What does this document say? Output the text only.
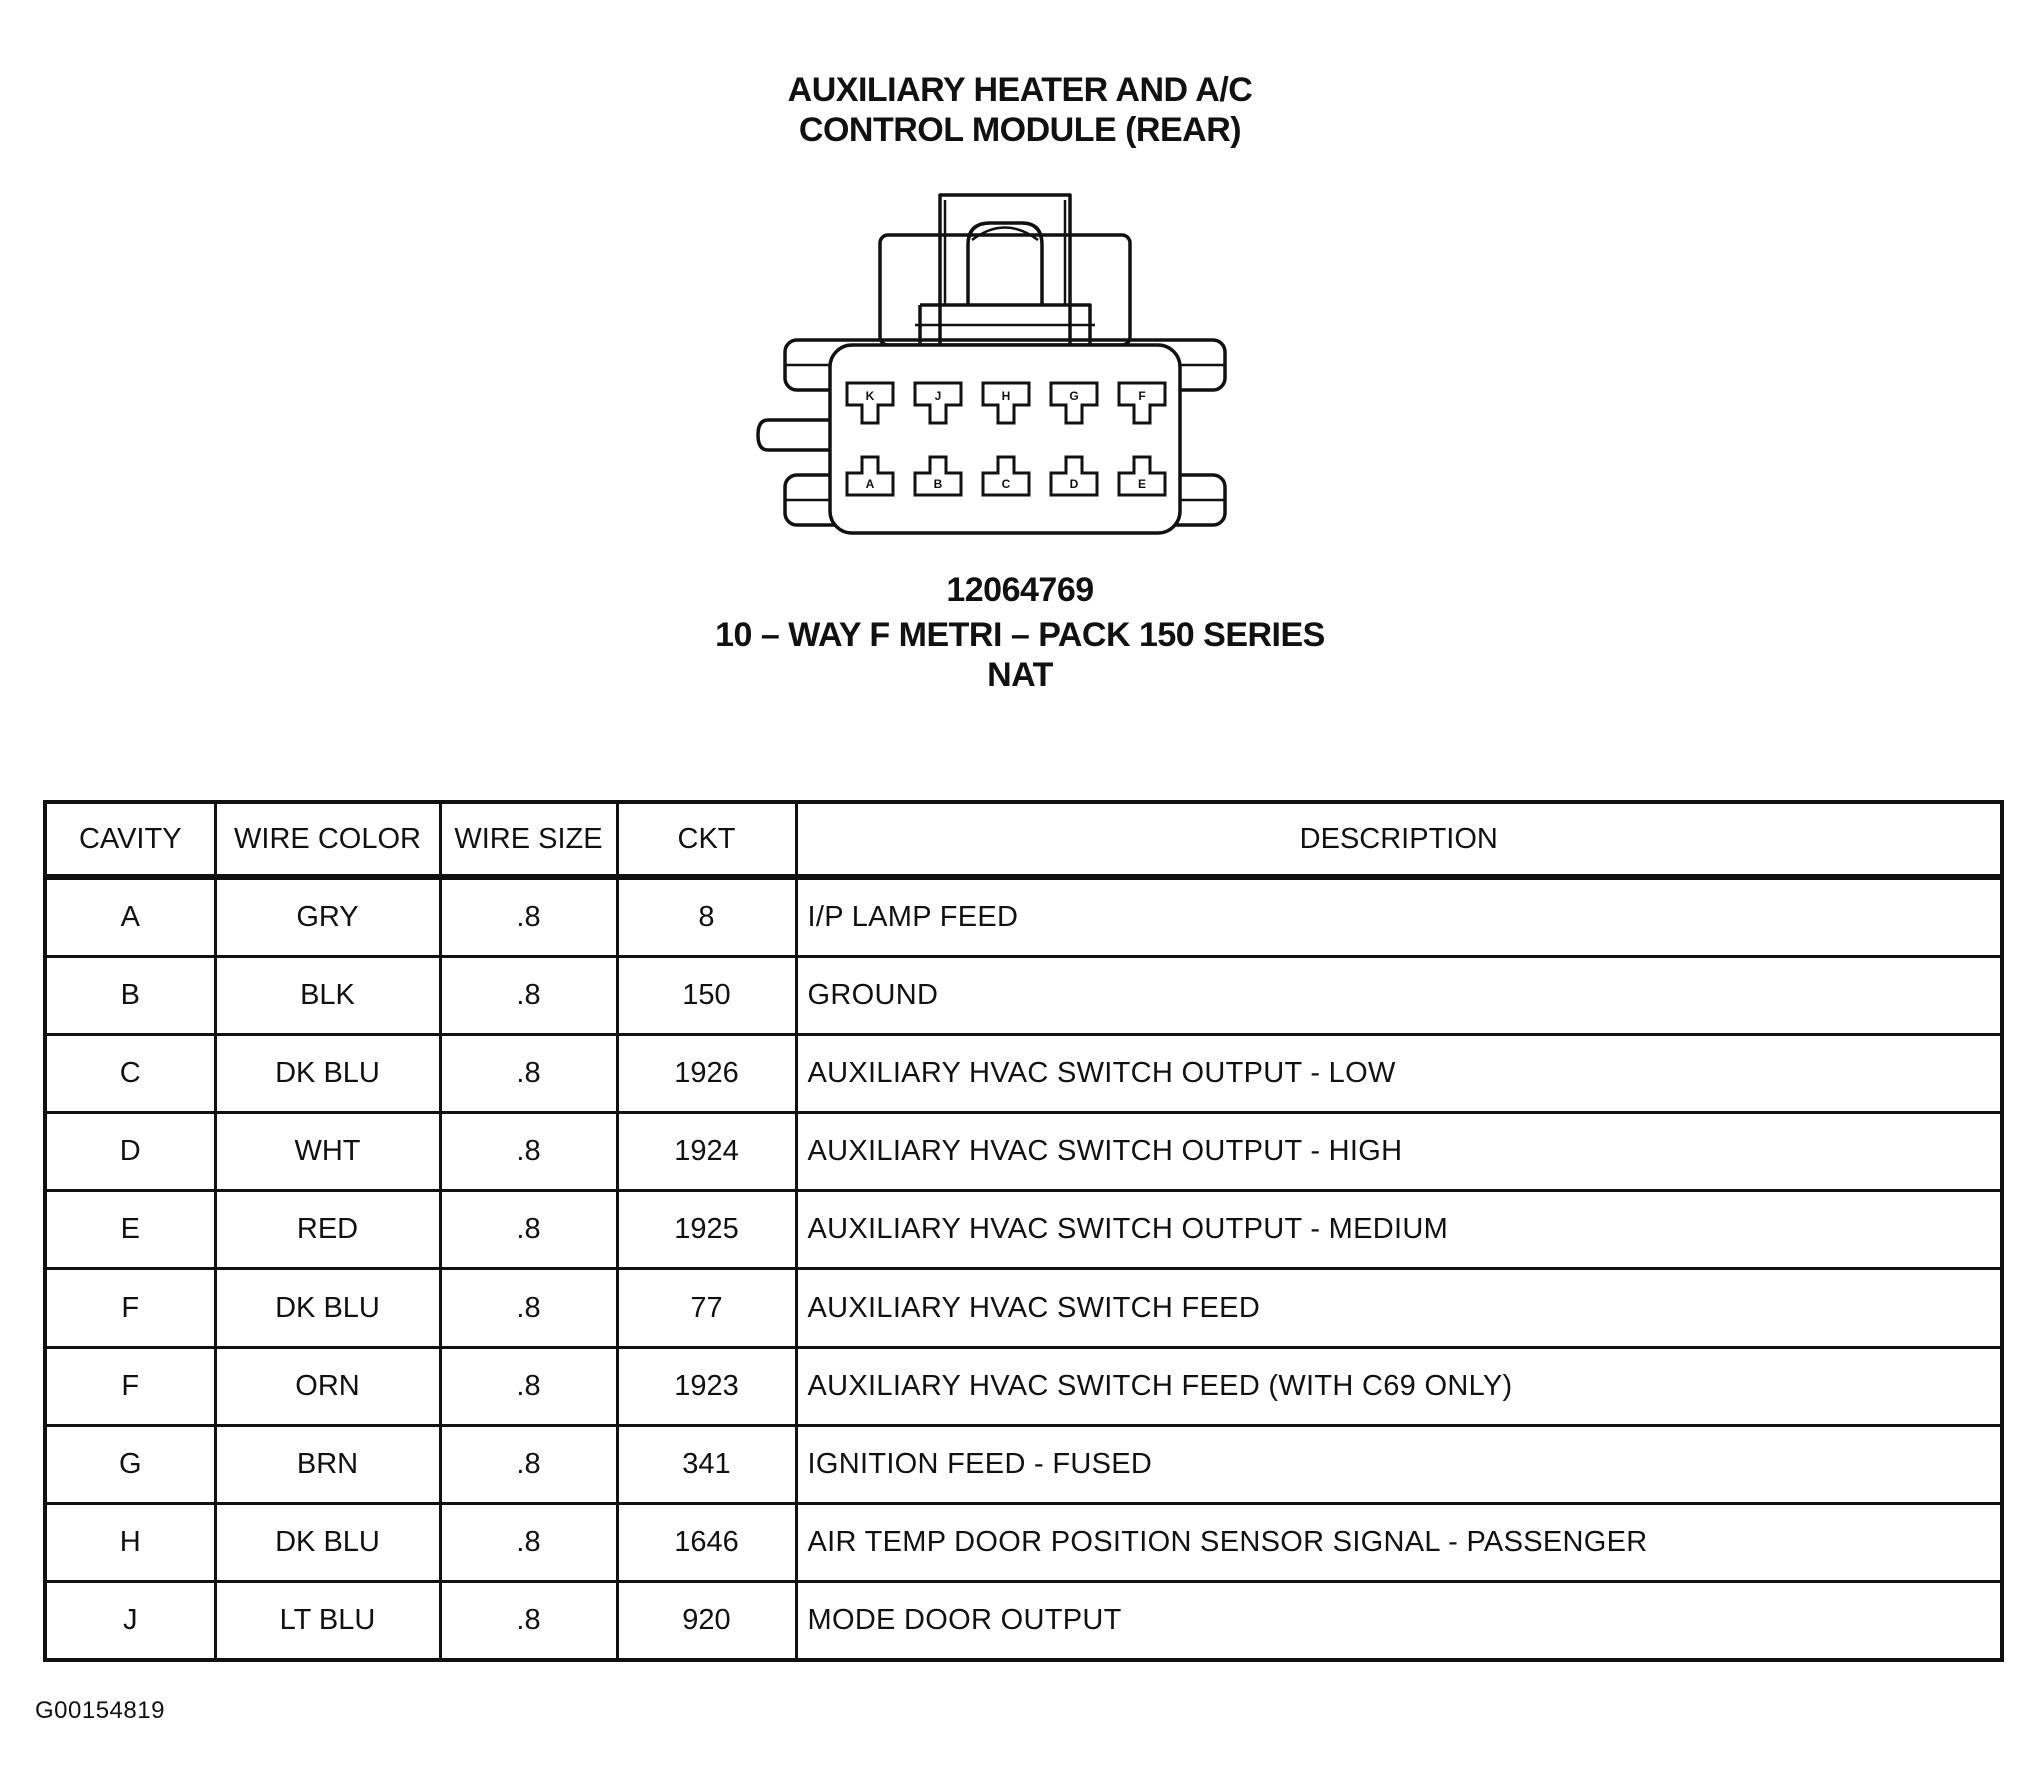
AUXILIARY HEATER AND A/C
CONTROL MODULE (REAR)
K	J	H	G	F
A	B	C	D	E
12064769
10 – WAY F METRI – PACK 150 SERIES
NAT
CAVITY	WIRE COLOR	WIRE SIZE	CKT	DESCRIPTION
A	GRY	.8	8	I/P LAMP FEED
B	BLK	.8	150	GROUND
C	DK BLU	.8	1926	AUXILIARY HVAC SWITCH OUTPUT - LOW
D	WHT	.8	1924	AUXILIARY HVAC SWITCH OUTPUT - HIGH
E	RED	.8	1925	AUXILIARY HVAC SWITCH OUTPUT - MEDIUM
F	DK BLU	.8	77	AUXILIARY HVAC SWITCH FEED
F	ORN	.8	1923	AUXILIARY HVAC SWITCH FEED (WITH C69 ONLY)
G	BRN	.8	341	IGNITION FEED - FUSED
H	DK BLU	.8	1646	AIR TEMP DOOR POSITION SENSOR SIGNAL - PASSENGER
J	LT BLU	.8	920	MODE DOOR OUTPUT
G00154819
